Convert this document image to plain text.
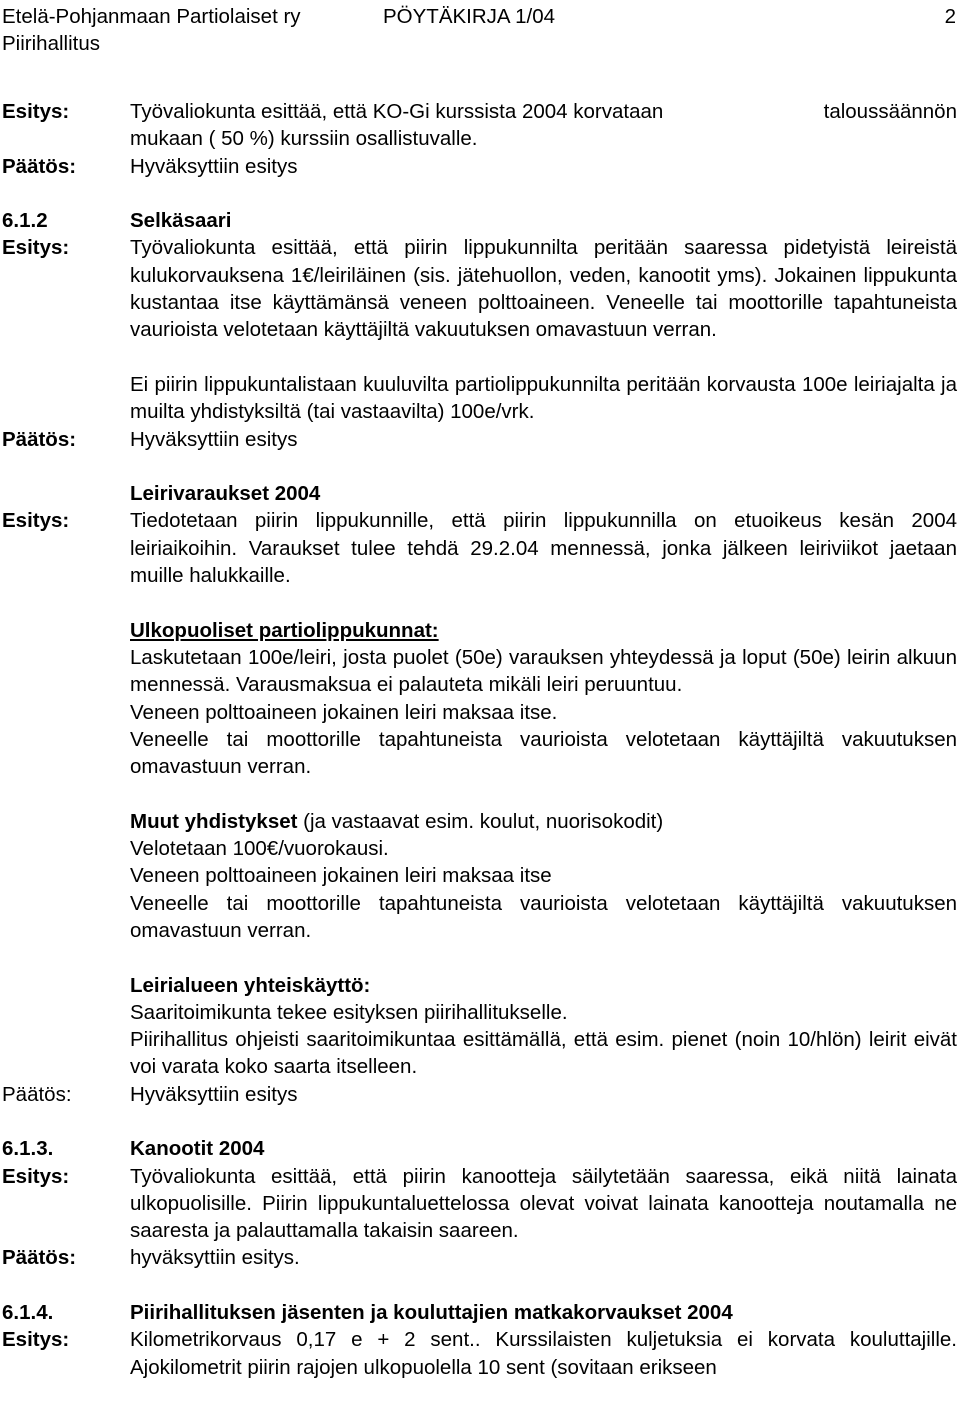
Etelä-Pohjanmaan Partiolaiset ry	PÖYTÄKIRJA 1/04	2
Piirihallitus
Esitys:	Työvaliokunta esittää, että KO-Gi kurssista 2004 korvataan	taloussäännön
mukaan ( 50 %) kurssiin osallistuvalle.
Päätös:	Hyväksyttiin esitys
6.1.2	Selkäsaari
Esitys:	Työvaliokunta esittää, että piirin lippukunnilta peritään saaressa pidetyistä leireistä kulukorvauksena 1€/leiriläinen (sis. jätehuollon, veden, kanootit yms). Jokainen lippukunta kustantaa itse käyttämänsä veneen polttoaineen. Veneelle tai moottorille tapahtuneista vaurioista velotetaan käyttäjiltä vakuutuksen omavastuun verran.
Ei piirin lippukuntalistaan kuuluvilta partiolippukunnilta peritään korvausta 100e leiriajalta ja muilta yhdistyksiltä (tai vastaavilta) 100e/vrk.
Päätös:	Hyväksyttiin esitys
Leirivaraukset 2004
Esitys:	Tiedotetaan piirin lippukunnille, että piirin lippukunnilla on etuoikeus kesän 2004 leiriaikoihin. Varaukset tulee tehdä 29.2.04 mennessä, jonka jälkeen leiriviikot jaetaan muille halukkaille.
Ulkopuoliset partiolippukunnat:
Laskutetaan 100e/leiri, josta puolet (50e) varauksen yhteydessä ja loput (50e) leirin alkuun mennessä. Varausmaksua ei palauteta mikäli leiri peruuntuu.
Veneen polttoaineen jokainen leiri maksaa itse.
Veneelle tai moottorille tapahtuneista vaurioista velotetaan käyttäjiltä vakuutuksen omavastuun verran.
Muut yhdistykset (ja vastaavat esim. koulut, nuorisokodit)
Velotetaan 100€/vuorokausi.
Veneen polttoaineen jokainen leiri maksaa itse
Veneelle tai moottorille tapahtuneista vaurioista velotetaan käyttäjiltä vakuutuksen omavastuun verran.
Leirialueen yhteiskäyttö:
Saaritoimikunta tekee esityksen piirihallitukselle.
Piirihallitus ohjeisti saaritoimikuntaa esittämällä, että esim. pienet (noin 10/hlön) leirit eivät voi varata koko saarta itselleen.
Päätös:	Hyväksyttiin esitys
6.1.3.	Kanootit 2004
Esitys:	Työvaliokunta esittää, että piirin kanootteja säilytetään saaressa, eikä niitä lainata ulkopuolisille. Piirin lippukuntaluettelossa olevat voivat lainata kanootteja noutamalla ne saaresta ja palauttamalla takaisin saareen.
Päätös:	hyväksyttiin esitys.
6.1.4.	Piirihallituksen jäsenten ja kouluttajien matkakorvaukset 2004
Esitys:	Kilometrikorvaus 0,17 e + 2 sent.. Kurssilaisten kuljetuksia ei korvata kouluttajille. Ajokilometrit piirin rajojen ulkopuolella 10 sent (sovitaan erikseen
